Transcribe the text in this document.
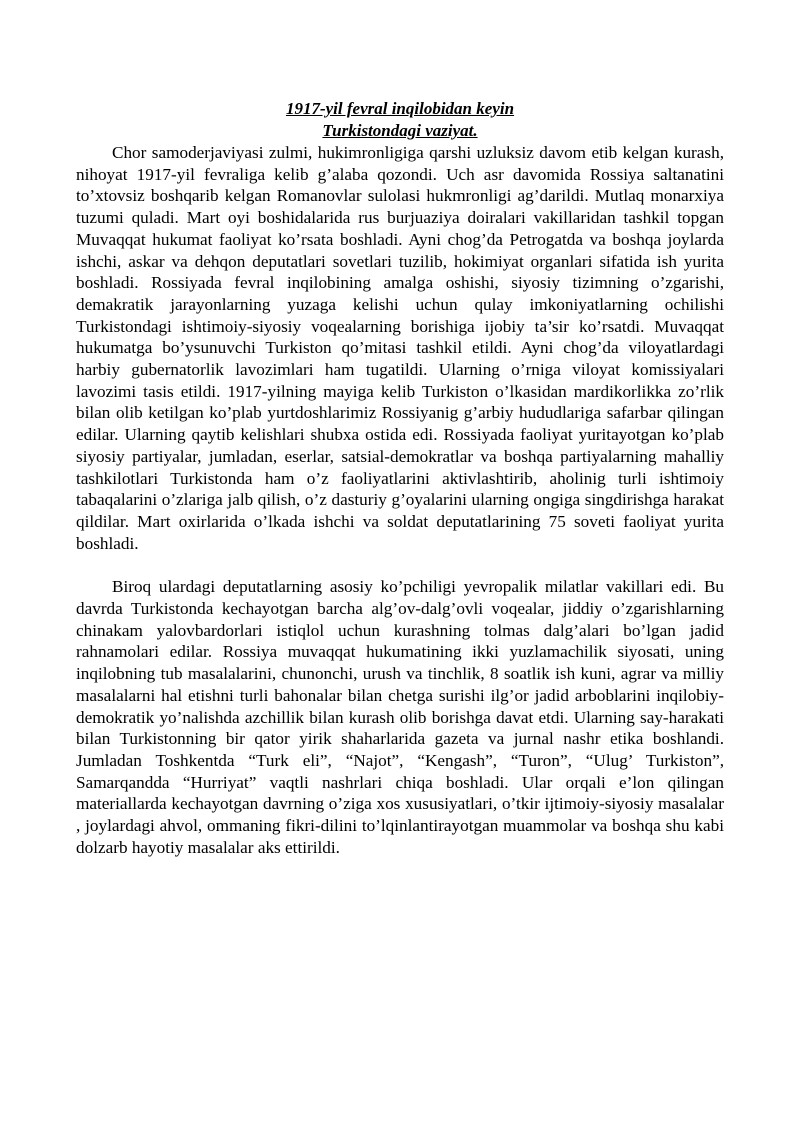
1917-yil fevral inqilobidan keyin

Turkistondagi vaziyat.

Chor samoderjaviyasi zulmi, hukimronligiga qarshi uzluksiz davom etib kelgan kurash, nihoyat 1917-yil fevraliga kelib g’alaba qozondi. Uch asr davomida Rossiya saltanatini to’xtovsiz boshqarib kelgan Romanovlar sulolasi hukmronligi ag’darildi. Mutlaq monarxiya tuzumi quladi. Mart oyi boshidalarida rus burjuaziya doiralari vakillaridan tashkil topgan Muvaqqat hukumat faoliyat ko’rsata boshladi. Ayni chog’da Petrogatda va boshqa joylarda ishchi, askar va dehqon deputatlari sovetlari tuzilib, hokimiyat organlari sifatida ish yurita boshladi. Rossiyada fevral inqilobining amalga oshishi, siyosiy tizimning o’zgarishi, demakratik jarayonlarning yuzaga kelishi uchun qulay imkoniyatlarning ochilishi Turkistondagi ishtimoiy-siyosiy voqealarning borishiga ijobiy ta’sir ko’rsatdi. Muvaqqat hukumatga bo’ysunuvchi Turkiston qo’mitasi tashkil etildi. Ayni chog’da viloyatlardagi harbiy gubernatorlik lavozimlari ham tugatildi. Ularning o’rniga viloyat komissiyalari lavozimi tasis etildi. 1917-yilning mayiga kelib Turkiston o’lkasidan mardikorlikka zo’rlik bilan olib ketilgan ko’plab yurtdoshlarimiz Rossiyanig g’arbiy hududlariga safarbar qilingan edilar. Ularning qaytib kelishlari shubxa ostida edi. Rossiyada faoliyat yuritayotgan ko’plab siyosiy partiyalar, jumladan, eserlar, satsial-demokratlar va boshqa partiyalarning mahalliy tashkilotlari Turkistonda ham o’z faoliyatlarini aktivlashtirib, aholinig turli ishtimoiy tabaqalarini o’zlariga jalb qilish, o’z dasturiy g’oyalarini ularning ongiga singdirishga harakat qildilar. Mart oxirlarida o’lkada ishchi va soldat deputatlarining 75 soveti faoliyat yurita boshladi.

Biroq ulardagi deputatlarning asosiy ko’pchiligi yevropalik milatlar vakillari edi. Bu davrda Turkistonda kechayotgan barcha alg’ov-dalg’ovli voqealar, jiddiy o’zgarishlarning chinakam yalovbardorlari istiqlol uchun kurashning tolmas dalg’alari bo’lgan jadid rahnamolari edilar. Rossiya muvaqqat hukumatining ikki yuzlamachilik siyosati, uning inqilobning tub masalalarini, chunonchi, urush va tinchlik, 8 soatlik ish kuni, agrar va milliy masalalarni hal etishni turli bahonalar bilan chetga surishi ilg’or jadid arboblarini inqilobiy-demokratik yo’nalishda azchillik bilan kurash olib borishga davat etdi. Ularning say-harakati bilan Turkistonning bir qator yirik shaharlarida gazeta va jurnal nashr etika boshlandi. Jumladan Toshkentda “Turk eli”, “Najot”, “Kengash”, “Turon”, “Ulug’ Turkiston”, Samarqandda “Hurriyat” vaqtli nashrlari chiqa boshladi. Ular orqali e’lon qilingan materiallarda kechayotgan davrning o’ziga xos xususiyatlari, o’tkir ijtimoiy-siyosiy masalalar , joylardagi ahvol, ommaning fikri-dilini to’lqinlantirayotgan muammolar va boshqa shu kabi dolzarb hayotiy masalalar aks ettirildi.
